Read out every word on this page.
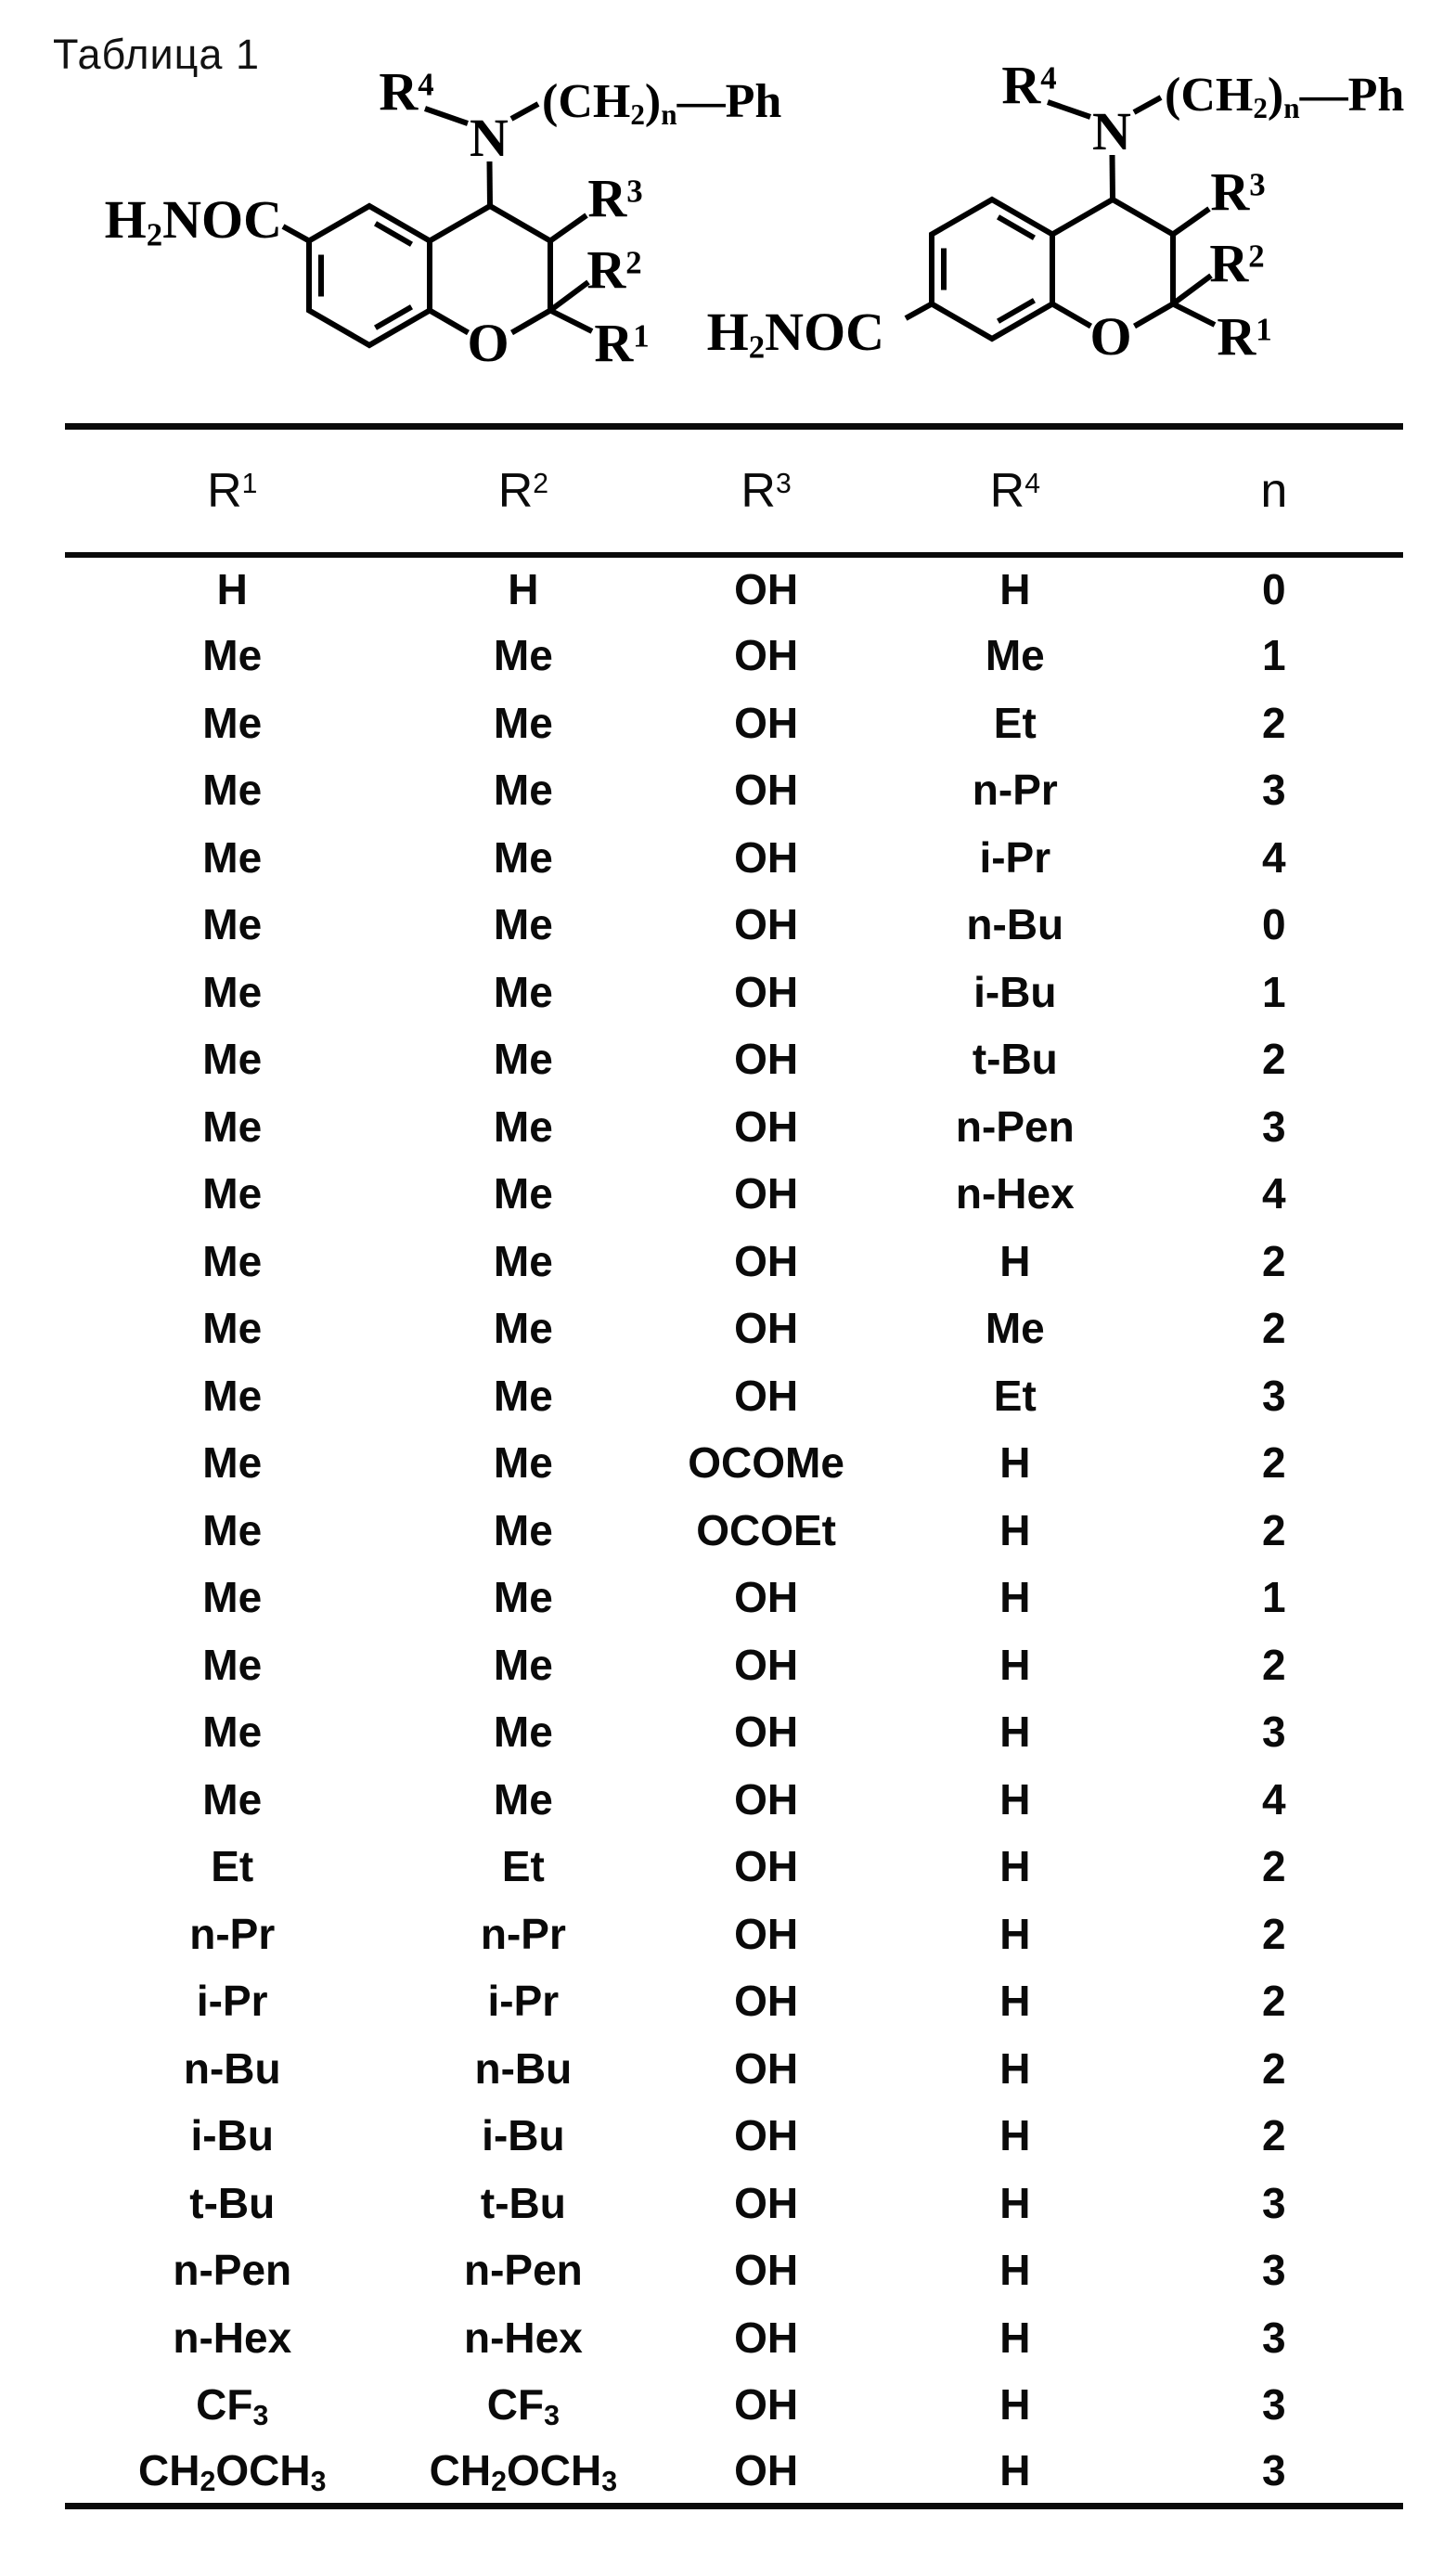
Таблица 1
$H_2NOC$
$R^4$
N
$(CH_2)_n—Ph$
$R^3$
$R^2$
$R^1$
O	$H_2NOC$
$R^4$
N
$(CH_2)_n—Ph$
$R^3$
$R^2$
$R^1$
O
$R^1$	$R^2$	$R^3$	$R^4$	n
H	H	OH	H	0
Me	Me	OH	Me	1
Me	Me	OH	Et	2
Me	Me	OH	n-Pr	3
Me	Me	OH	i-Pr	4
Me	Me	OH	n-Bu	0
Me	Me	OH	i-Bu	1
Me	Me	OH	t-Bu	2
Me	Me	OH	n-Pen	3
Me	Me	OH	n-Hex	4
Me	Me	OH	H	2
Me	Me	OH	Me	2
Me	Me	OH	Et	3
Me	Me	OCOMe	H	2
Me	Me	OCOEt	H	2
Me	Me	OH	H	1
Me	Me	OH	H	2
Me	Me	OH	H	3
Me	Me	OH	H	4
Et	Et	OH	H	2
n-Pr	n-Pr	OH	H	2
i-Pr	i-Pr	OH	H	2
n-Bu	n-Bu	OH	H	2
i-Bu	i-Bu	OH	H	2
t-Bu	t-Bu	OH	H	3
n-Pen	n-Pen	OH	H	3
n-Hex	n-Hex	OH	H	3
$CF_3$	$CF_3$	OH	H	3
$CH_2OCH_3$	$CH_2OCH_3$	OH	H	3
